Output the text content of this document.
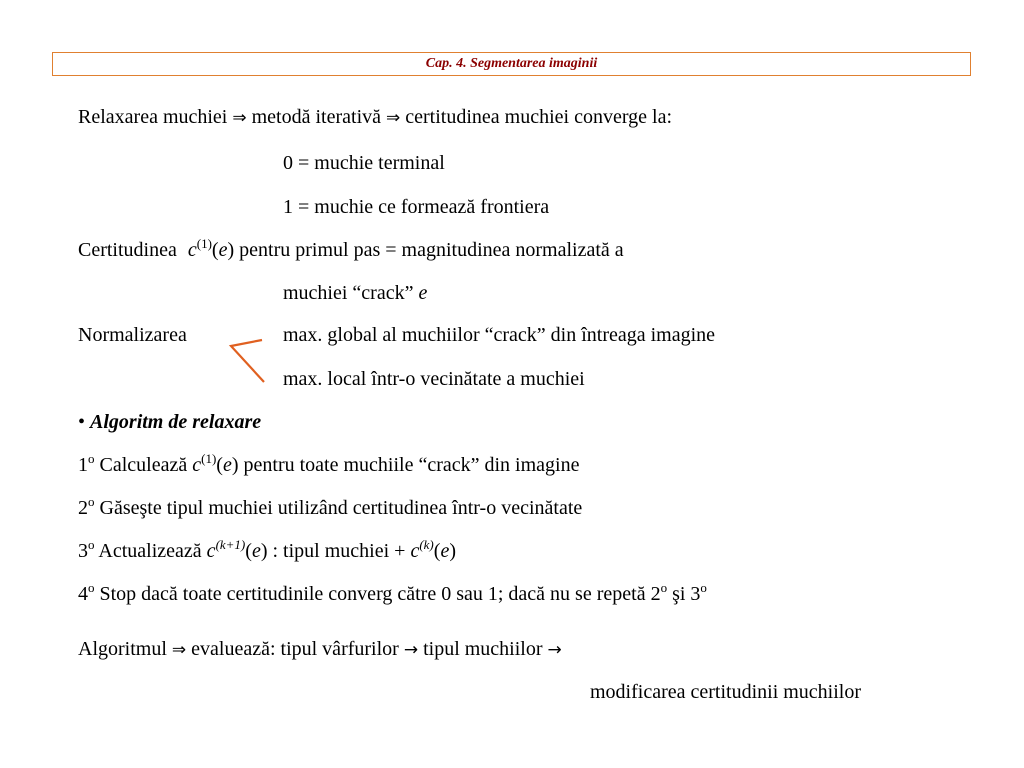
Cap. 4. Segmentarea imaginii
Relaxarea muchiei ⇒ metodă iterativă ⇒ certitudinea muchiei converge la:
0 = muchie terminal
1 = muchie ce formează frontiera
Certitudinea $c^{(1)}(e)$ pentru primul pas = magnitudinea normalizată a
muchiei “crack” e
Normalizarea	max. global al muchiilor “crack” din întreaga imagine
max. local într-o vecinătate a muchiei
• Algoritm de relaxare
1$^o$ Calculează $c^{(1)}(e)$ pentru toate muchiile “crack” din imagine
2$^o$ Găseşte tipul muchiei utilizând certitudinea într-o vecinătate
3$^o$ Actualizează $c^{(k+1)}(e)$ : tipul muchiei + $c^{(k)}(e)$
4$^o$ Stop dacă toate certitudinile converg către 0 sau 1; dacă nu se repetă 2$^o$ şi 3$^o$
Algoritmul ⇒ evaluează: tipul vârfurilor → tipul muchiilor →
modificarea certitudinii muchiilor
